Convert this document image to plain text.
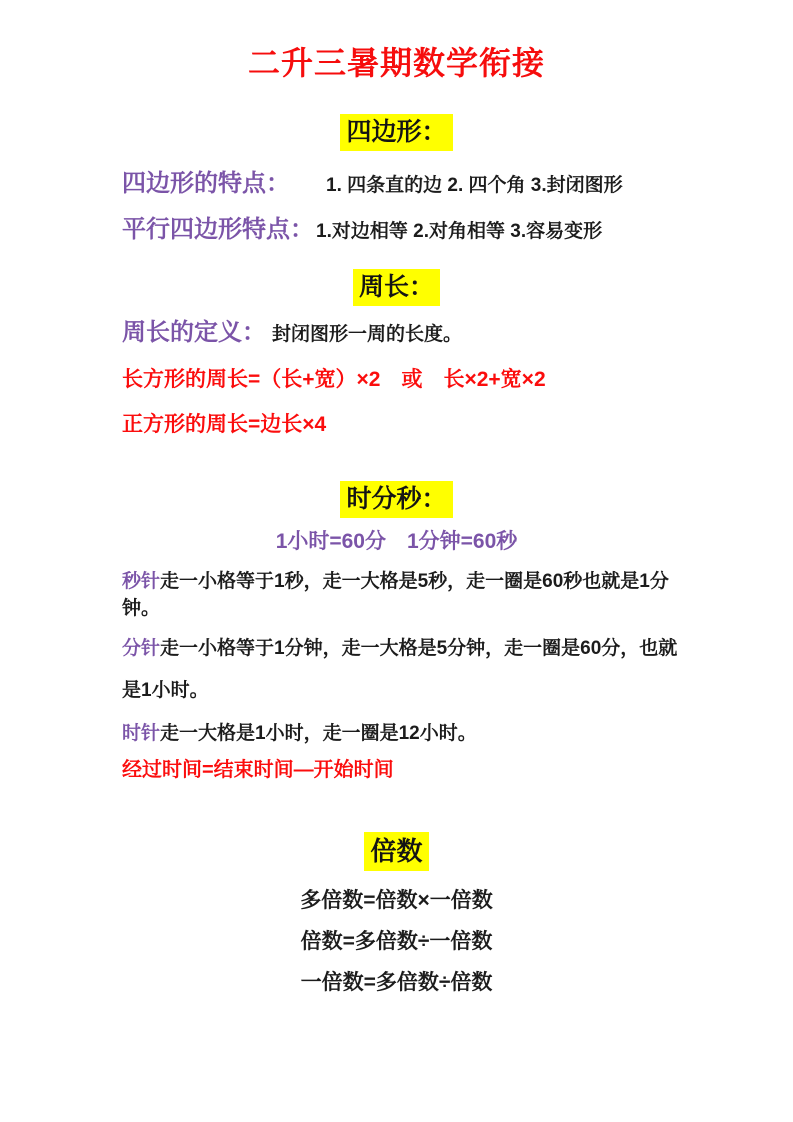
二升三暑期数学衔接
四边形：

四边形的特点： 1. 四条直的边 2. 四个角 3.封闭图形

平行四边形特点： 1.对边相等 2.对角相等 3.容易变形

周长：

周长的定义： 封闭图形一周的长度。

长方形的周长=（长+宽）×2　或　长×2+宽×2

正方形的周长=边长×4

时分秒：

1小时=60分　1分钟=60秒

秒针走一小格等于1秒，走一大格是5秒，走一圈是60秒也就是1分钟。

分针走一小格等于1分钟，走一大格是5分钟，走一圈是60分，也就是1小时。

时针走一大格是1小时，走一圈是12小时。

经过时间=结束时间—开始时间

倍数

多倍数=倍数×一倍数

倍数=多倍数÷一倍数

一倍数=多倍数÷倍数
